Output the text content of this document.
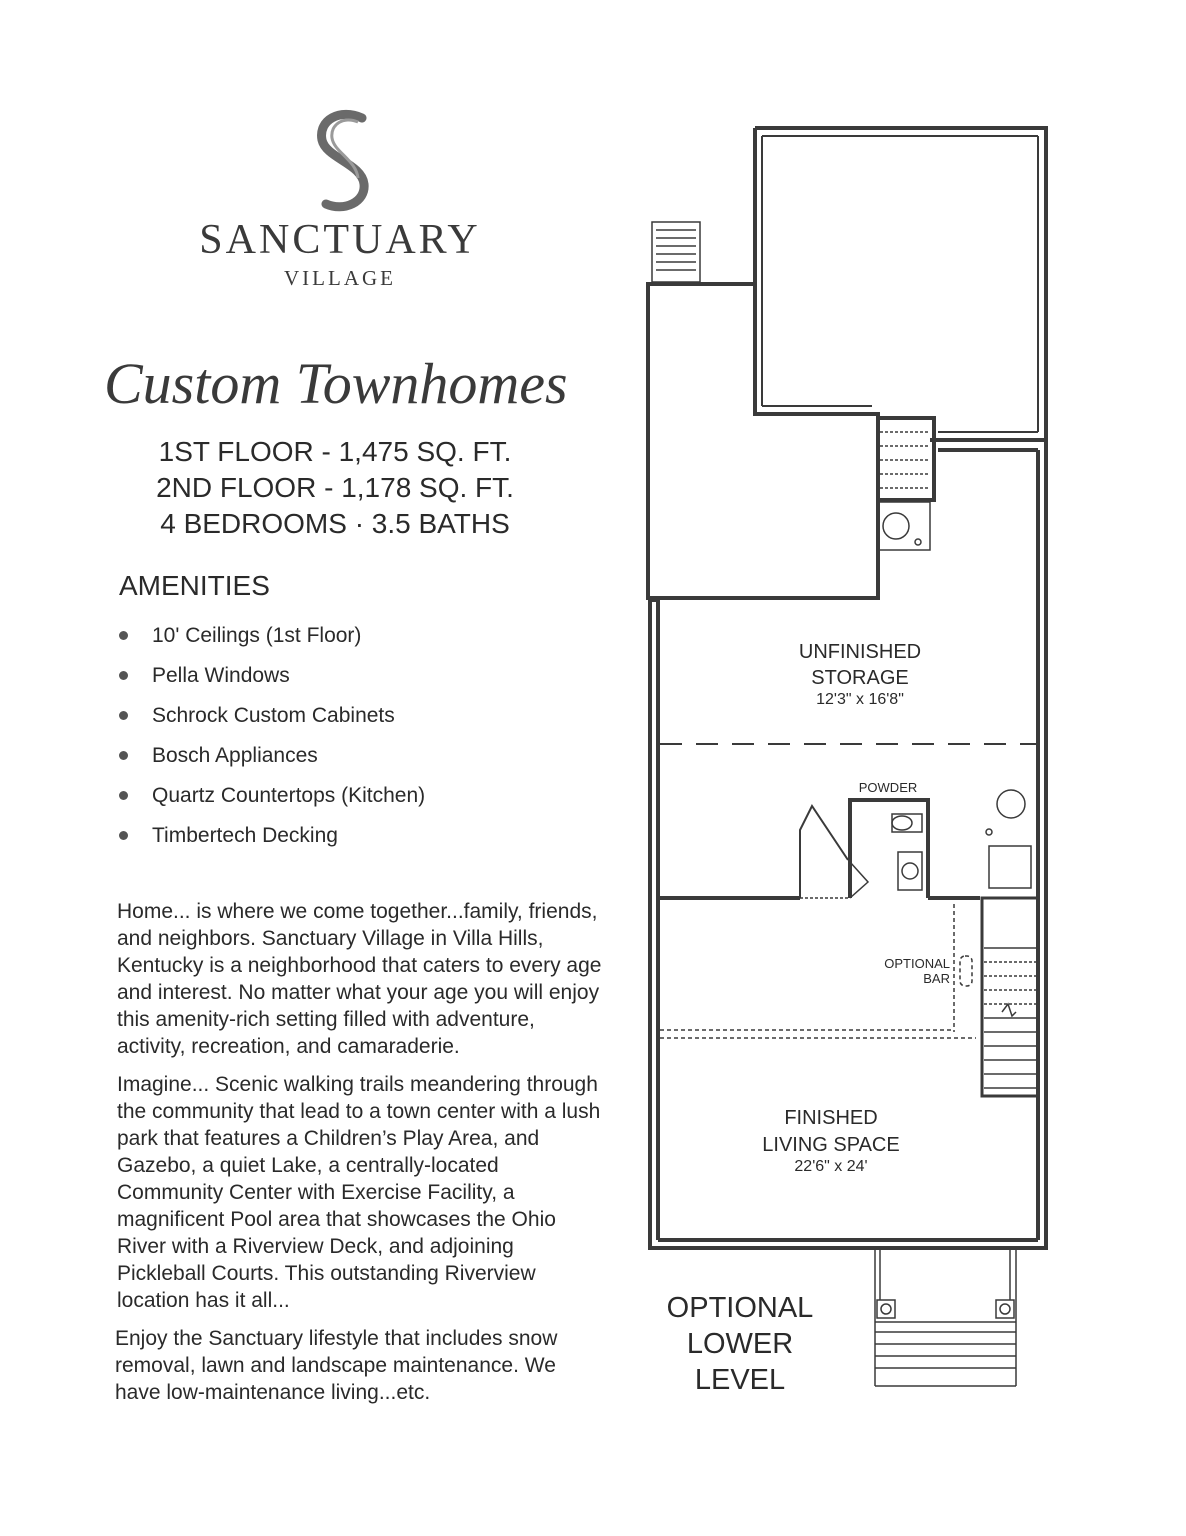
SANCTUARY
VILLAGE
Custom Townhomes
1ST FLOOR - 1,475 SQ. FT.
2ND FLOOR - 1,178 SQ. FT.
4 BEDROOMS · 3.5 BATHS
AMENITIES
10' Ceilings (1st Floor)
Pella Windows
Schrock Custom Cabinets
Bosch Appliances
Quartz Countertops (Kitchen)
Timbertech Decking

Home... is where we come together...family, friends, and neighbors. Sanctuary Village in Villa Hills, Kentucky is a neighborhood that caters to every age and interest. No matter what your age you will enjoy this amenity-rich setting filled with adventure, activity, recreation, and camaraderie.

Imagine... Scenic walking trails meandering through the community that lead to a town center with a lush park that features a Children’s Play Area, and Gazebo, a quiet Lake, a centrally-located Community Center with Exercise Facility, a magnificent Pool area that showcases the Ohio River with a Riverview Deck, and adjoining Pickleball Courts. This outstanding Riverview location has it all...

Enjoy the Sanctuary lifestyle that includes snow removal, lawn and landscape maintenance. We have low-maintenance living...etc.

UNFINISHED
STORAGE
12'3" x 16'8"
POWDER
OPTIONAL
BAR
FINISHED
LIVING SPACE
22'6" x 24'
OPTIONAL
LOWER
LEVEL
